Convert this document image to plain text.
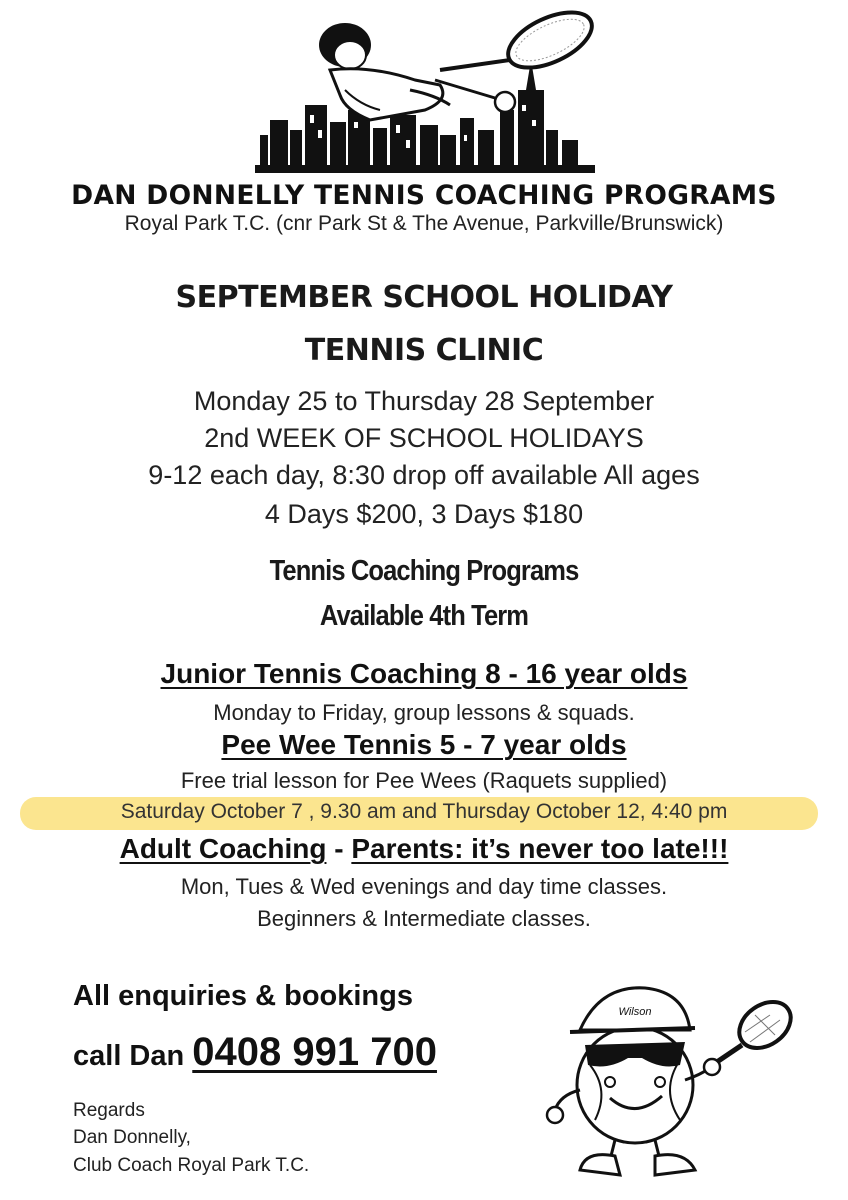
DAN DONNELLY TENNIS COACHING PROGRAMS
Royal Park T.C. (cnr Park St & The Avenue, Parkville/Brunswick)
SEPTEMBER SCHOOL HOLIDAY
TENNIS CLINIC
Monday 25 to Thursday 28 September
2nd WEEK OF SCHOOL HOLIDAYS
9-12 each day, 8:30 drop off available All ages
4 Days $200, 3 Days $180
Tennis Coaching Programs
Available 4th Term
Junior Tennis Coaching 8 - 16 year olds
Monday to Friday, group lessons & squads.
Pee Wee Tennis 5 - 7 year olds
Free trial lesson for Pee Wees (Raquets supplied)
Saturday October 7 , 9.30 am and Thursday October 12, 4:40 pm
Adult Coaching - Parents: it’s never too late!!!
Mon, Tues & Wed evenings and day time classes.
Beginners & Intermediate classes.
All enquiries & bookings
call Dan 0408 991 700
Regards
Dan Donnelly,
Club Coach Royal Park T.C.
Wilson
